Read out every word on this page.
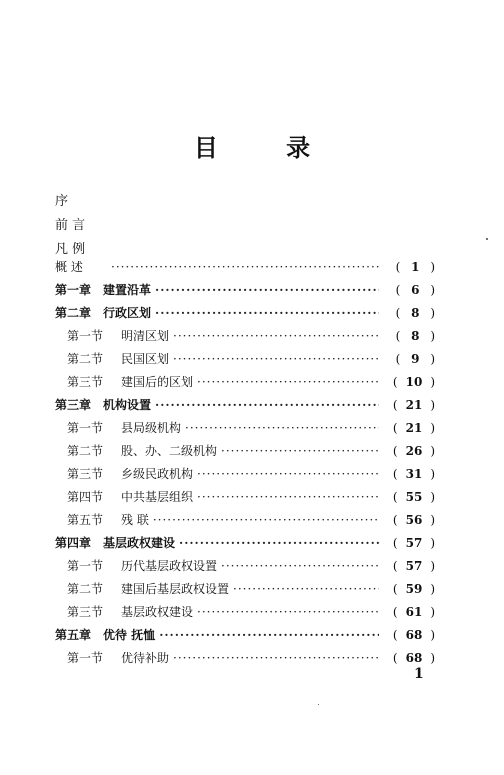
目	录
序
前 言
凡 例
概 述 ·····	( 1 )
第一章 建置沿革 ·····	( 6 )
第二章 行政区划 ·····	( 8 )
第一节	明清区划 ·····	( 8 )
第二节	民国区划 ·····	( 9 )
第三节	建国后的区划 ·····	( 10 )
第三章 机构设置 ·····	( 21 )
第一节	县局级机构 ·····	( 21 )
第二节	股、办、二级机构 ·····	( 26 )
第三节	乡级民政机构 ·····	( 31 )
第四节	中共基层组织 ·····	( 55 )
第五节	残 联 ·····	( 56 )
第四章 基层政权建设 ·····	( 57 )
第一节	历代基层政权设置 ·····	( 57 )
第二节	建国后基层政权设置 ·····	( 59 )
第三节	基层政权建设 ·····	( 61 )
第五章 优待 抚恤 ·····	( 68 )
第一节	优待补助 ·····	( 68 )
1
